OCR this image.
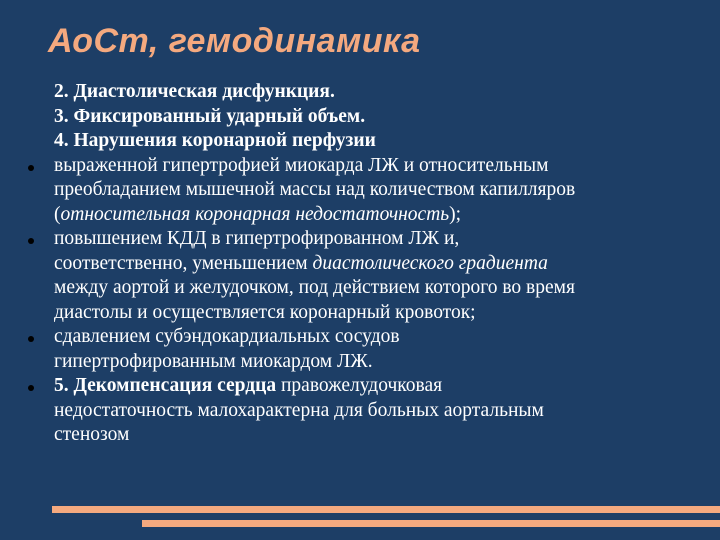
АоСт, гемодинамика
2. Диастолическая дисфункция.
3. Фиксированный ударный объем.
4. Нарушения коронарной перфузии
выраженной гипертрофией миокарда ЛЖ и относительным
преобладанием мышечной массы над количеством капилляров
(относительная коронарная недостаточность);
повышением КДД в гипертрофированном ЛЖ и,
соответственно, уменьшением диастолического градиента
между аортой и желудочком, под действием которого во время
диастолы и осуществляется коронарный кровоток;
сдавлением субэндокардиальных сосудов
гипертрофированным миокардом ЛЖ.
5. Декомпенсация сердца правожелудочковая
недостаточность малохарактерна для больных аортальным
стенозом
